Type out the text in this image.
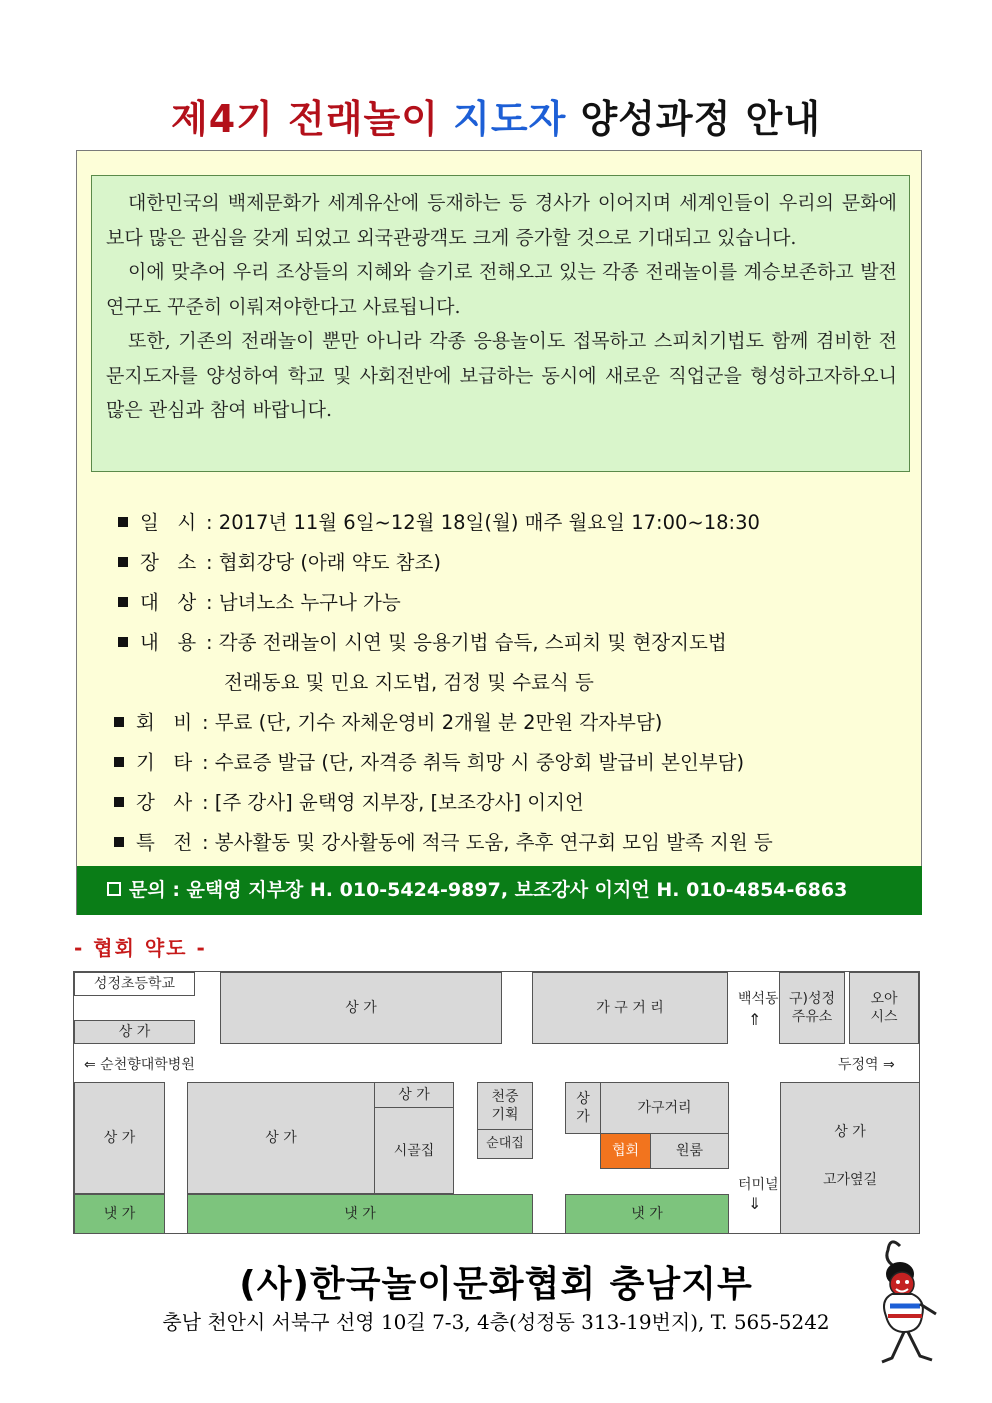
제4기 전래놀이 지도자 양성과정 안내

대한민국의 백제문화가 세계유산에 등재하는 등 경사가 이어지며 세계인들이 우리의 문화에 보다 많은 관심을 갖게 되었고 외국관광객도 크게 증가할 것으로 기대되고 있습니다.

이에 맞추어 우리 조상들의 지혜와 슬기로 전해오고 있는 각종 전래놀이를 계승보존하고 발전연구도 꾸준히 이뤄져야한다고 사료됩니다.

또한, 기존의 전래놀이 뿐만 아니라 각종 응용놀이도 접목하고 스피치기법도 함께 겸비한 전문지도자를 양성하여 학교 및 사회전반에 보급하는 동시에 새로운 직업군을 형성하고자하오니 많은 관심과 참여 바랍니다.

일   시 : 2017년 11월 6일~12월 18일(월) 매주 월요일 17:00~18:30
장   소 : 협회강당 (아래 약도 참조)
대   상 : 남녀노소 누구나 가능
내   용 : 각종 전래놀이 시연 및 응용기법 습득, 스피치 및 현장지도법
전래동요 및 민요 지도법, 검정 및 수료식 등
회   비 : 무료 (단, 기수 자체운영비 2개월 분 2만원 각자부담)
기   타 : 수료증 발급 (단, 자격증 취득 희망 시 중앙회 발급비 본인부담)
강   사 : [주 강사] 윤택영 지부장, [보조강사] 이지언
특   전 : 봉사활동 및 강사활동에 적극 도움, 추후 연구회 모임 발족 지원 등
문의 : 윤택영 지부장 H. 010-5424-9897, 보조강사 이지언 H. 010-4854-6863
- 협회 약도 -
성정초등학교
상 가
상 가	가 구 거 리
백석동
⇑
구)성정
주유소
오아
시스
⇐ 순천향대학병원	두정역 ⇒
상 가	상 가
상 가
시골집
천중
기획
순대집
상
가
가구거리
협회	원룸
터미널
⇓
상 가
고가옆길
냇 가	냇 가	냇 가
(사)한국놀이문화협회 충남지부
충남 천안시 서북구 선영 10길 7-3, 4층(성정동 313-19번지), T. 565-5242
